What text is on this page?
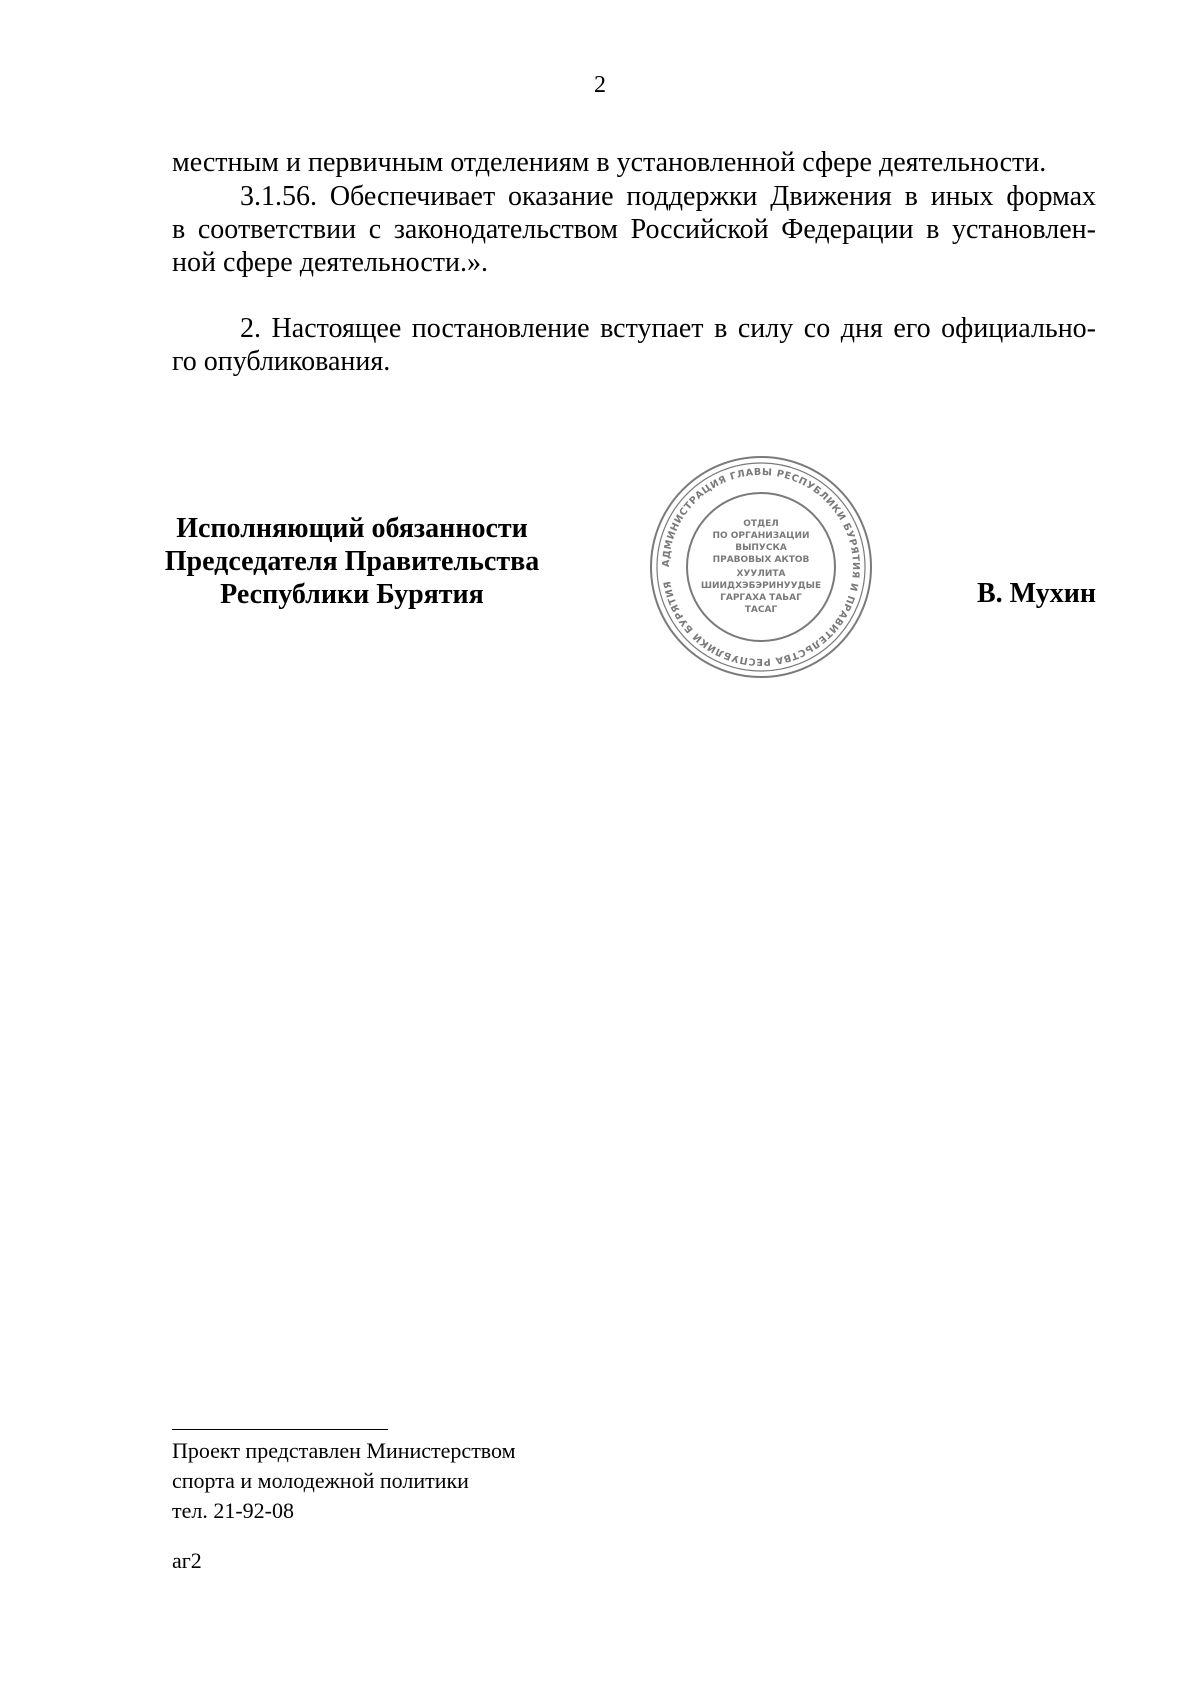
2
местным и первичным отделениям в установленной сфере деятельности.
3.1.56. Обеспечивает оказание поддержки Движения в иных формах
в соответствии с законодательством Российской Федерации в установлен-
ной сфере деятельности.».
2. Настоящее постановление вступает в силу со дня его официально-
го опубликования.
Исполняющий обязанности
Председателя Правительства
Республики Бурятия
АДМИНИСТРАЦИЯ ГЛАВЫ РЕСПУБЛИКИ БУРЯТИЯ И ПРАВИТЕЛЬСТВА РЕСПУБЛИКИ БУРЯТИЯ
ОТДЕЛ
ПО ОРГАНИЗАЦИИ
ВЫПУСКА
ПРАВОВЫХ АКТОВ
ХУУЛИТА
ШИИДХЭБЭРИНУУДЫЕ
ГАРГАХА ТАЬАГ
ТАСАГ
В. Мухин
Проект представлен Министерством
спорта и молодежной политики
тел. 21-92-08
аг2
